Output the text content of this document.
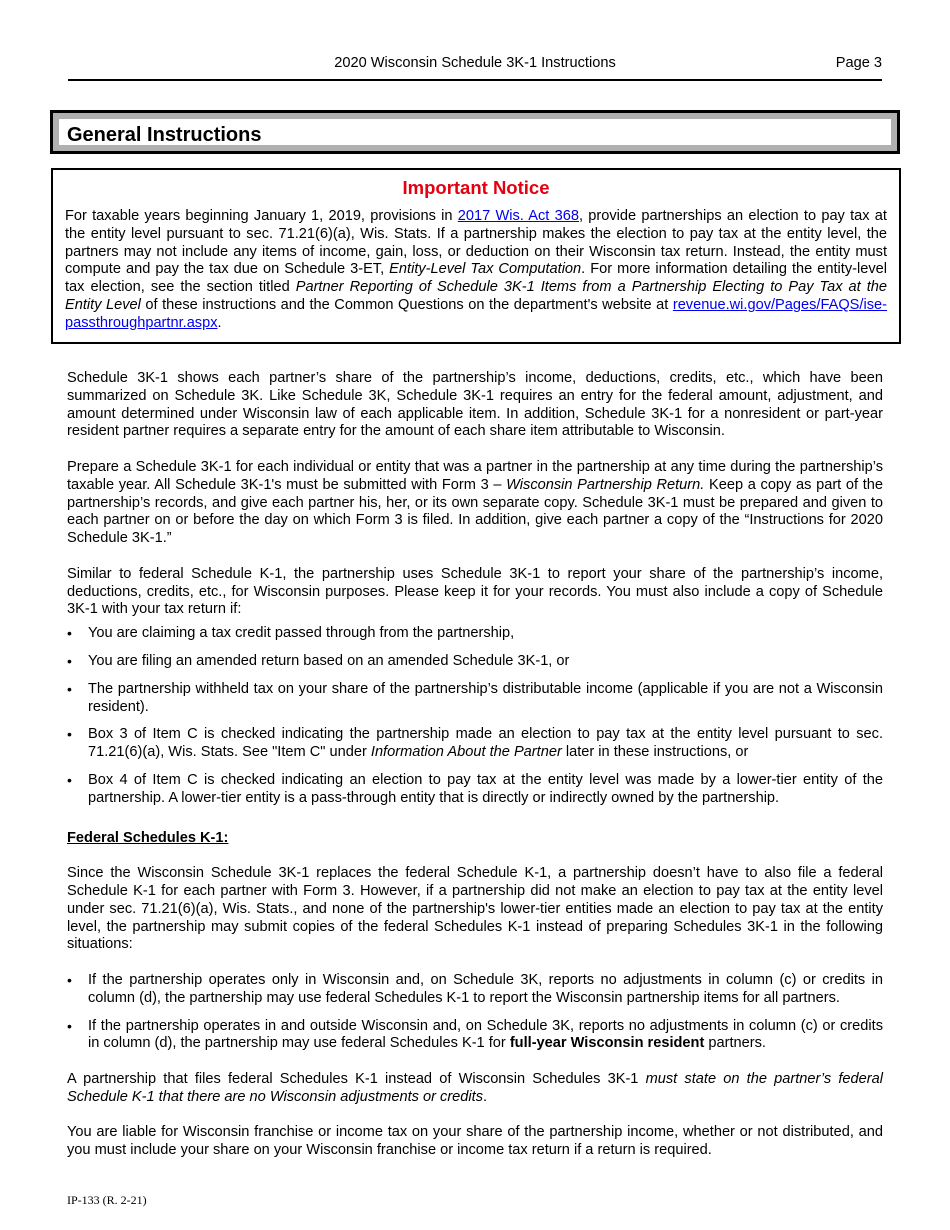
2020 Wisconsin Schedule 3K-1 Instructions	Page 3
General Instructions
Important Notice

For taxable years beginning January 1, 2019, provisions in 2017 Wis. Act 368, provide partnerships an election to pay tax at the entity level pursuant to sec. 71.21(6)(a), Wis. Stats. If a partnership makes the election to pay tax at the entity level, the partners may not include any items of income, gain, loss, or deduction on their Wisconsin tax return. Instead, the entity must compute and pay the tax due on Schedule 3-ET, Entity-Level Tax Computation. For more information detailing the entity-level tax election, see the section titled Partner Reporting of Schedule 3K-1 Items from a Partnership Electing to Pay Tax at the Entity Level of these instructions and the Common Questions on the department's website at revenue.wi.gov/Pages/FAQS/ise-passthroughpartnr.aspx.

Schedule 3K-1 shows each partner’s share of the partnership’s income, deductions, credits, etc., which have been summarized on Schedule 3K. Like Schedule 3K, Schedule 3K-1 requires an entry for the federal amount, adjustment, and amount determined under Wisconsin law of each applicable item. In addition, Schedule 3K-1 for a nonresident or part-year resident partner requires a separate entry for the amount of each share item attributable to Wisconsin.

Prepare a Schedule 3K-1 for each individual or entity that was a partner in the partnership at any time during the partnership’s taxable year. All Schedule 3K-1's must be submitted with Form 3 – Wisconsin Partnership Return. Keep a copy as part of the partnership’s records, and give each partner his, her, or its own separate copy. Schedule 3K-1 must be prepared and given to each partner on or before the day on which Form 3 is filed. In addition, give each partner a copy of the “Instructions for 2020 Schedule 3K-1.”

Similar to federal Schedule K-1, the partnership uses Schedule 3K-1 to report your share of the partnership’s income, deductions, credits, etc., for Wisconsin purposes. Please keep it for your records. You must also include a copy of Schedule 3K-1 with your tax return if:

• You are claiming a tax credit passed through from the partnership,
• You are filing an amended return based on an amended Schedule 3K-1, or
• The partnership withheld tax on your share of the partnership’s distributable income (applicable if you are not a Wisconsin resident).
• Box 3 of Item C is checked indicating the partnership made an election to pay tax at the entity level pursuant to sec. 71.21(6)(a), Wis. Stats. See "Item C" under Information About the Partner later in these instructions, or
• Box 4 of Item C is checked indicating an election to pay tax at the entity level was made by a lower-tier entity of the partnership. A lower-tier entity is a pass-through entity that is directly or indirectly owned by the partnership.
Federal Schedules K-1:

Since the Wisconsin Schedule 3K-1 replaces the federal Schedule K-1, a partnership doesn’t have to also file a federal Schedule K-1 for each partner with Form 3. However, if a partnership did not make an election to pay tax at the entity level under sec. 71.21(6)(a), Wis. Stats., and none of the partnership's lower-tier entities made an election to pay tax at the entity level, the partnership may submit copies of the federal Schedules K-1 instead of preparing Schedules 3K-1 in the following situations:

• If the partnership operates only in Wisconsin and, on Schedule 3K, reports no adjustments in column (c) or credits in column (d), the partnership may use federal Schedules K-1 to report the Wisconsin partnership items for all partners.
• If the partnership operates in and outside Wisconsin and, on Schedule 3K, reports no adjustments in column (c) or credits in column (d), the partnership may use federal Schedules K-1 for full-year Wisconsin resident partners.

A partnership that files federal Schedules K-1 instead of Wisconsin Schedules 3K-1 must state on the partner’s federal Schedule K-1 that there are no Wisconsin adjustments or credits.

You are liable for Wisconsin franchise or income tax on your share of the partnership income, whether or not distributed, and you must include your share on your Wisconsin franchise or income tax return if a return is required.

IP-133 (R. 2-21)
